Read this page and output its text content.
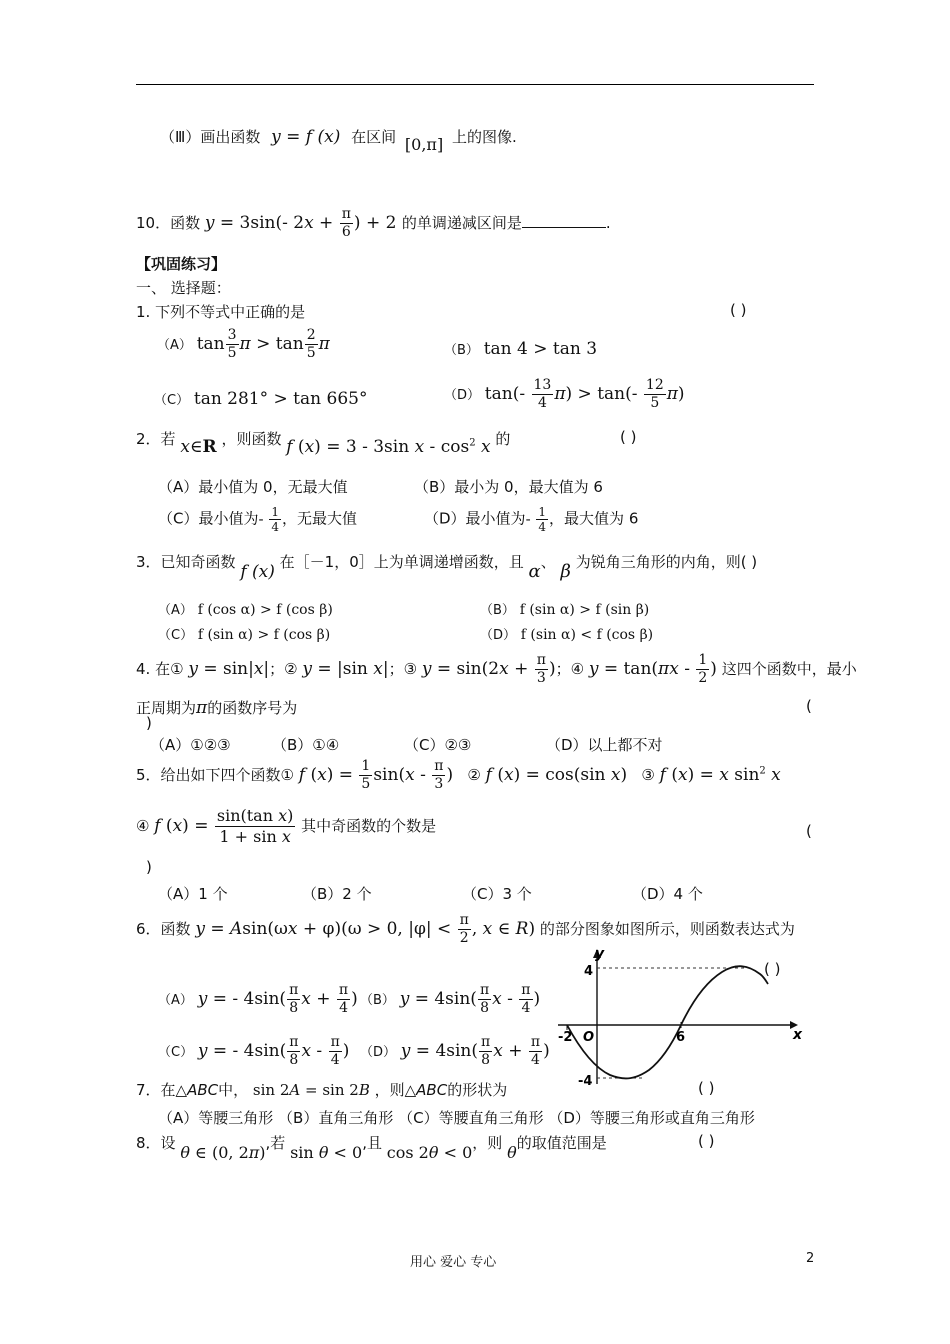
（Ⅲ）画出函数 y = f (x) 在区间 [0,π] 上的图像.
10．函数 y = 3sin(- $2x + \frac{\pi}{6}$ ) + 2 的单调递减区间是	.
【巩固练习】
一、 选择题：
1. 下列不等式中正确的是	( )
（A） $\tan \frac{3}{5}$ $\pi > \tan \frac{2}{5}$ π	（B） tan 4 > tan 3
（C） tan 281° > tan 665°	（D） $\tan(- \frac{13}{4} \pi) > \tan(- \frac{12}{5} \pi)$
2．若 x∈R ，则函数 f (x) = 3 - 3sin x - $\cos^2 x$ 的	( )
（A）最小值为 0，无最大值	（B）最小为 0，最大值为 6
（C）最小值为- $\frac{1}{4}$ ，无最大值	（D）最小值为- $\frac{1}{4}$ ，最大值为 6
3．已知奇函数 f (x) 在［－1，0］上为单调递增函数，且 α、 β 为锐角三角形的内角，则( )
（A） f (cos α) > f (cos β)	（B） f (sin α) > f (sin β)
（C） f (sin α) > f (cos β)	（D） f (sin α) < f (cos β)
4. 在① y = sin|x|；② y = |sin x|；③ $y = \sin(2x + \frac{\pi}{3}$ )；④ $y = \tan(\pi x - \frac{1}{2}$ ) 这四个函数中，最小
正周期为π的函数序号为	(
)
（A）①②③	（B）①④	（C）②③	（D）以上都不对
5．给出如下四个函数① f $(x) = \frac{1}{5} \sin(x - \frac{\pi}{3}$ ) ② f (x) = cos(sin x) ③ f (x) = x $\sin^2 x$
④ f $(x) = \frac{\text{sin(tan x)}}{\text{1 + sin x}}$ 其中奇函数的个数是	(
)
（A）1 个	（B）2 个	（C）3 个	（D）4 个
6．函数 y = Asin(ωx + φ)(ω > 0, $|\varphi| < \frac{\pi}{2}$ , x ∈ R) 的部分图象如图所示，则函数表达式为
( )
（A） y = - $4\sin( \frac{\pi}{8}$ $x + \frac{\pi}{4}$ ) （B） $y = 4\sin( \frac{\pi}{8}$ x - $\frac{\pi}{4}$ )
（C） y = - $4\sin( \frac{\pi}{8}$ x - $\frac{\pi}{4}$ ) （D） $y = 4\sin( \frac{\pi}{8}$ $x + \frac{\pi}{4}$ )
y
x
4
-4
-2 O	6
7．在△ABC中， sin 2A = sin 2B ，则△ABC的形状为	( )
（A）等腰三角形 （B）直角三角形 （C）等腰直角三角形 （D）等腰三角形或直角三角形
8．设 θ ∈ (0, 2π),若 sin θ < 0,且 cos 2θ < 0，则 θ的取值范围是	( )
用心 爱心 专心	2
